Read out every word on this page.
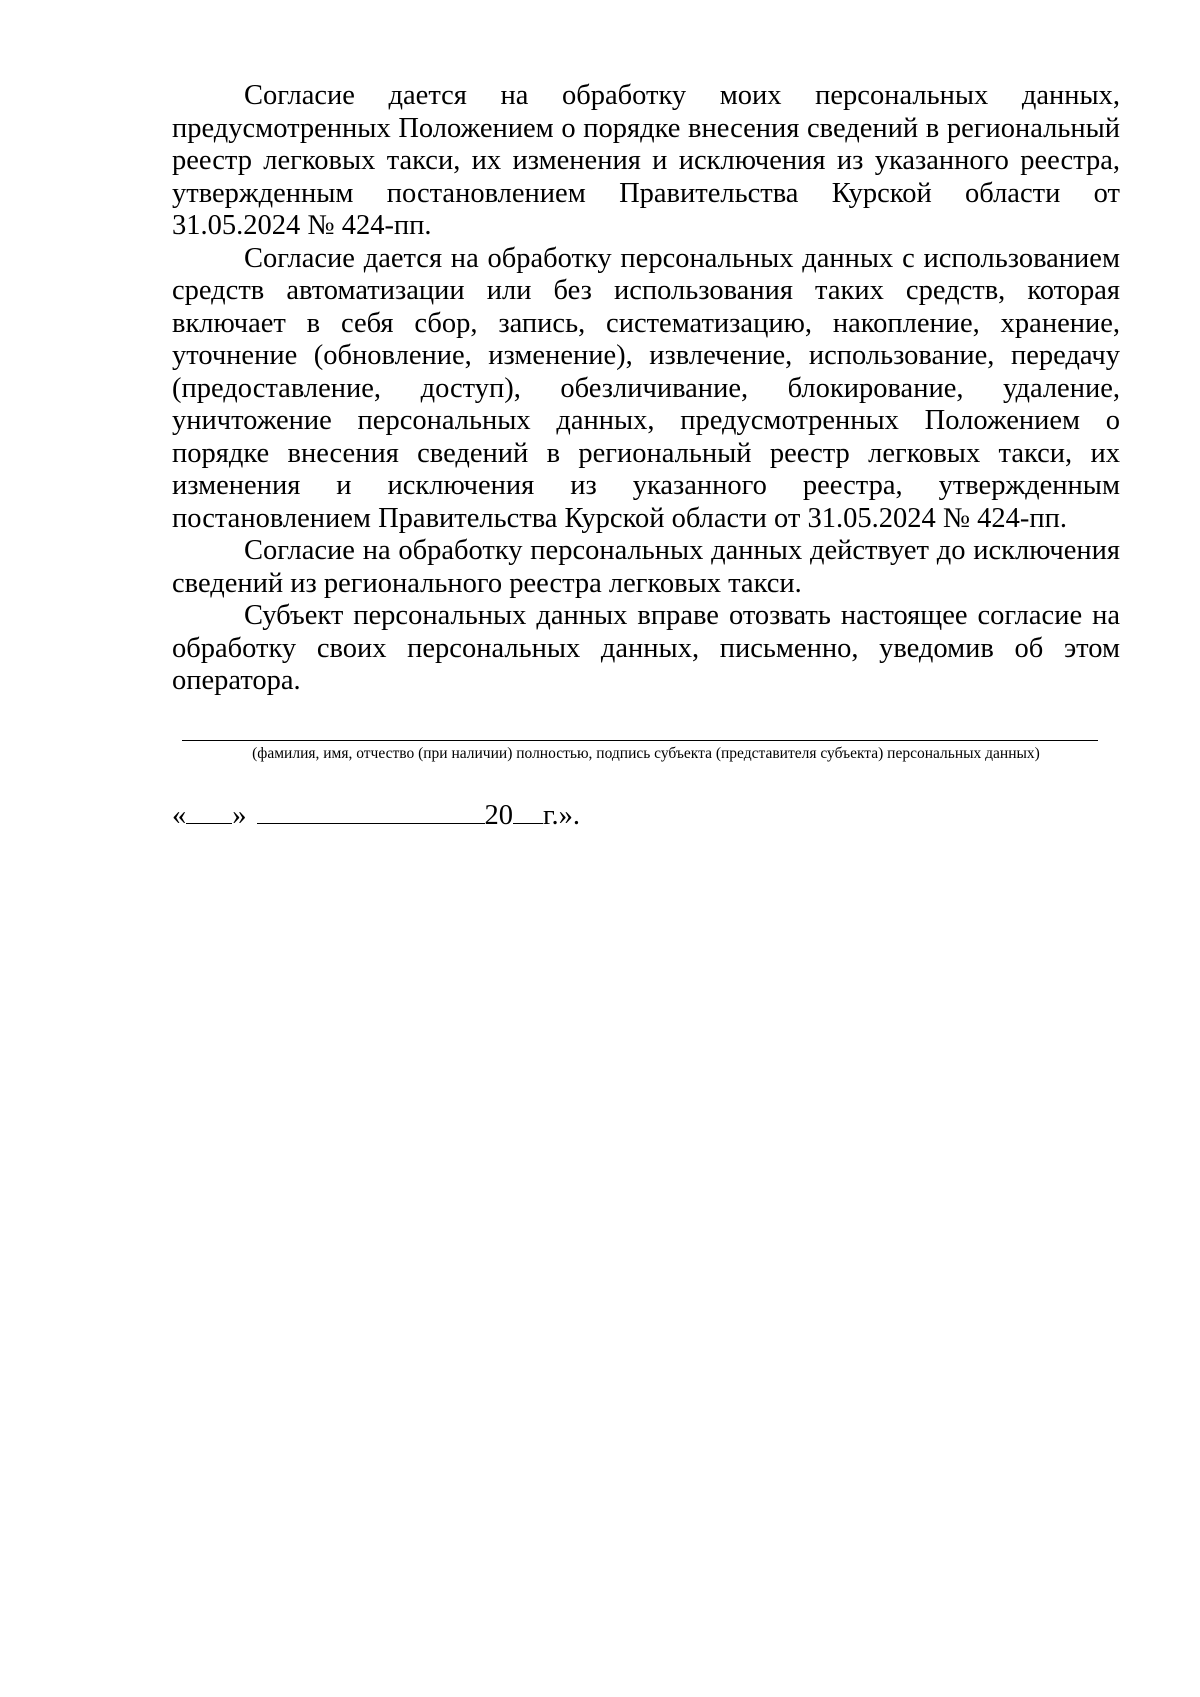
Согласие дается на обработку моих персональных данных, предусмотренных Положением о порядке внесения сведений в региональный реестр легковых такси, их изменения и исключения из указанного реестра, утвержденным постановлением Правительства Курской области от 31.05.2024 № 424-пп.

Согласие дается на обработку персональных данных с использованием средств автоматизации или без использования таких средств, которая включает в себя сбор, запись, систематизацию, накопление, хранение, уточнение (обновление, изменение), извлечение, использование, передачу (предоставление, доступ), обезличивание, блокирование, удаление, уничтожение персональных данных, предусмотренных Положением о порядке внесения сведений в региональный реестр легковых такси, их изменения и исключения из указанного реестра, утвержденным постановлением Правительства Курской области от 31.05.2024 № 424-пп.

Согласие на обработку персональных данных действует до исключения сведений из регионального реестра легковых такси.

Субъект персональных данных вправе отозвать настоящее согласие на обработку своих персональных данных, письменно, уведомив об этом оператора.

(фамилия, имя, отчество (при наличии) полностью, подпись субъекта (представителя субъекта) персональных данных)
« »	20 г.».
